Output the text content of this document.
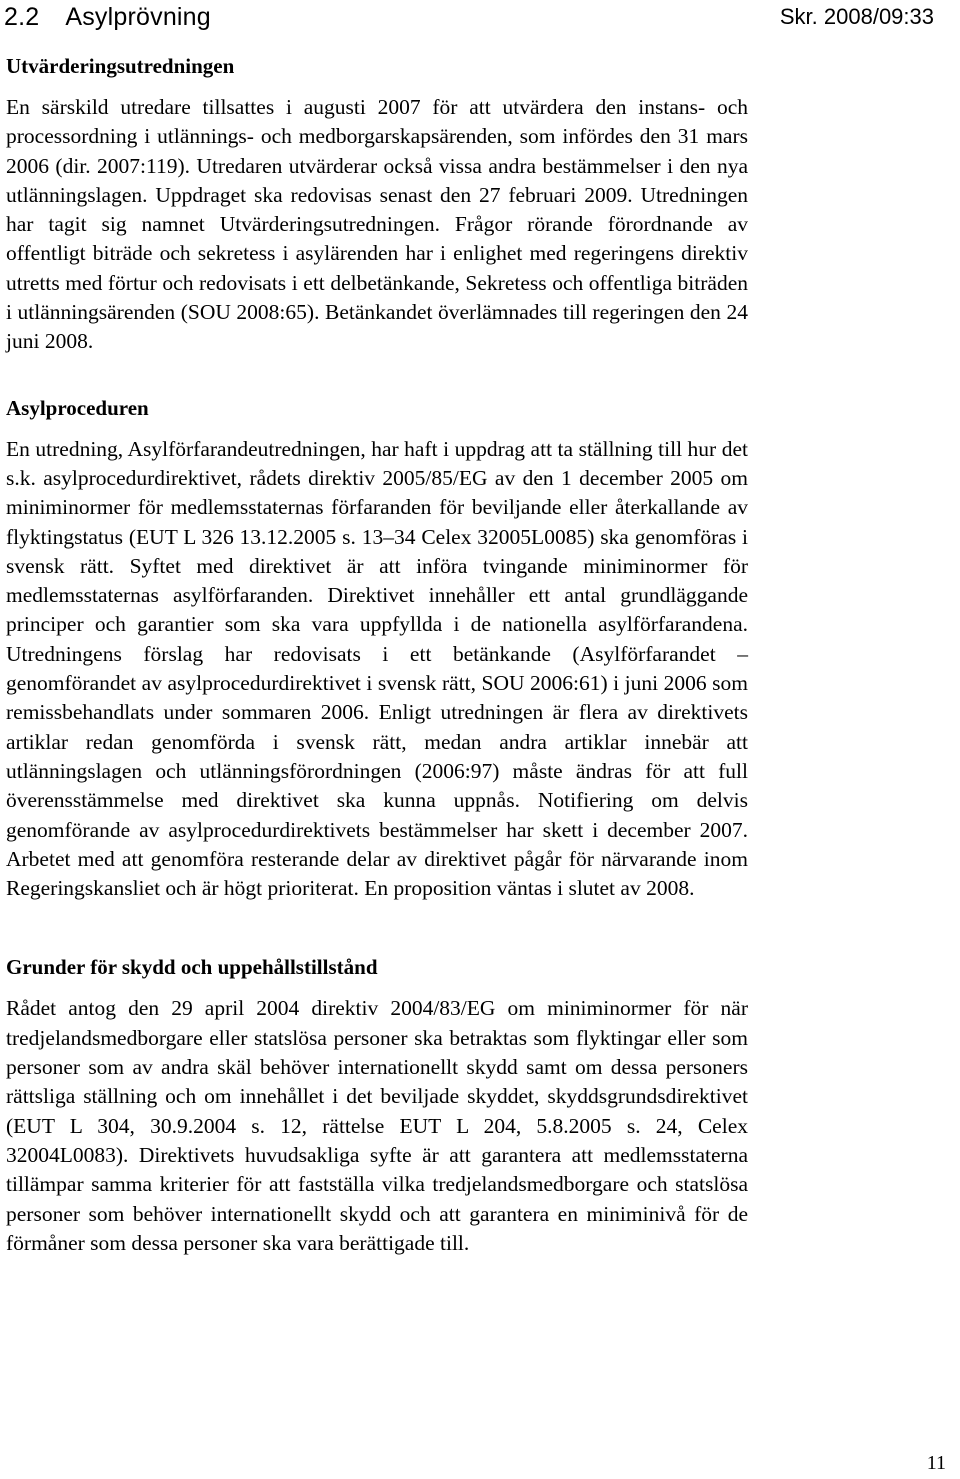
2.2 Asylprövning	Skr. 2008/09:33
Utvärderingsutredningen

En särskild utredare tillsattes i augusti 2007 för att utvärdera den instans- och processordning i utlännings- och medborgarskapsärenden, som infördes den 31 mars 2006 (dir. 2007:119). Utredaren utvärderar också vissa andra bestämmelser i den nya utlänningslagen. Uppdraget ska redovisas senast den 27 februari 2009. Utredningen har tagit sig namnet Utvärderingsutredningen. Frågor rörande förordnande av offentligt biträde och sekretess i asylärenden har i enlighet med regeringens direktiv utretts med förtur och redovisats i ett delbetänkande, Sekretess och offentliga biträden i utlänningsärenden (SOU 2008:65). Betänkandet överlämnades till regeringen den 24 juni 2008.

Asylproceduren

En utredning, Asylförfarandeutredningen, har haft i uppdrag att ta ställning till hur det s.k. asylprocedurdirektivet, rådets direktiv 2005/85/EG av den 1 december 2005 om miniminormer för medlemsstaternas förfaranden för beviljande eller återkallande av flyktingstatus (EUT L 326 13.12.2005 s. 13–34 Celex 32005L0085) ska genomföras i svensk rätt. Syftet med direktivet är att införa tvingande miniminormer för medlemsstaternas asylförfaranden. Direktivet innehåller ett antal grundläggande principer och garantier som ska vara uppfyllda i de nationella asylförfarandena. Utredningens förslag har redovisats i ett betänkande (Asylförfarandet – genomförandet av asylprocedurdirektivet i svensk rätt, SOU 2006:61) i juni 2006 som remissbehandlats under sommaren 2006. Enligt utredningen är flera av direktivets artiklar redan genomförda i svensk rätt, medan andra artiklar innebär att utlänningslagen och utlänningsförordningen (2006:97) måste ändras för att full överensstämmelse med direktivet ska kunna uppnås. Notifiering om delvis genomförande av asylprocedurdirektivets bestämmelser har skett i december 2007. Arbetet med att genomföra resterande delar av direktivet pågår för närvarande inom Regeringskansliet och är högt prioriterat. En proposition väntas i slutet av 2008.

Grunder för skydd och uppehållstillstånd

Rådet antog den 29 april 2004 direktiv 2004/83/EG om miniminormer för när tredjelandsmedborgare eller statslösa personer ska betraktas som flyktingar eller som personer som av andra skäl behöver internationellt skydd samt om dessa personers rättsliga ställning och om innehållet i det beviljade skyddet, skyddsgrundsdirektivet (EUT L 304, 30.9.2004 s. 12, rättelse EUT L 204, 5.8.2005 s. 24, Celex 32004L0083). Direktivets huvudsakliga syfte är att garantera att medlemsstaterna tillämpar samma kriterier för att fastställa vilka tredjelandsmedborgare och statslösa personer som behöver internationellt skydd och att garantera en miniminivå för de förmåner som dessa personer ska vara berättigade till.

11
